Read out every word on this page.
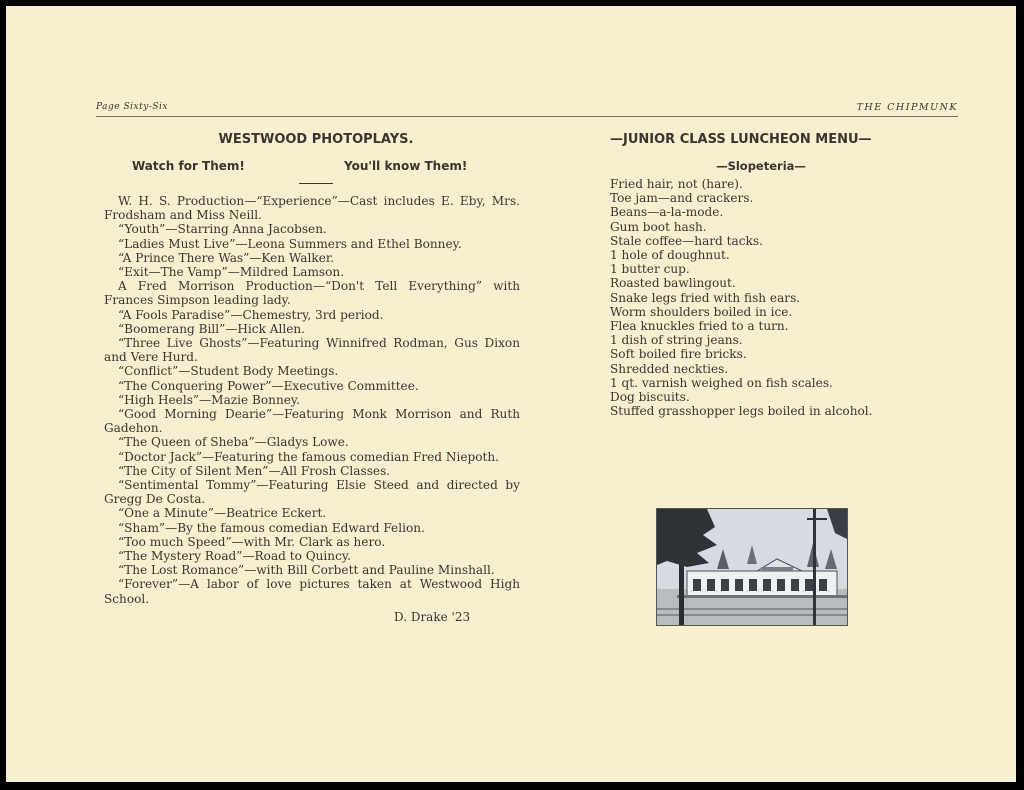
Page Sixty-Six	THE CHIPMUNK
WESTWOOD PHOTOPLAYS.
Watch for Them!	You'll know Them!

W. H. S. Production—“Experience”—Cast includes E. Eby, Mrs. Frodsham and Miss Neill.

“Youth”—Starring Anna Jacobsen.

“Ladies Must Live”—Leona Summers and Ethel Bonney.

“A Prince There Was”—Ken Walker.

“Exit—The Vamp”—Mildred Lamson.

A Fred Morrison Production—“Don't Tell Everything” with Frances Simpson leading lady.

“A Fools Paradise”—Chemestry, 3rd period.

“Boomerang Bill”—Hick Allen.

“Three Live Ghosts”—Featuring Winnifred Rodman, Gus Dixon and Vere Hurd.

“Conflict”—Student Body Meetings.

“The Conquering Power”—Executive Committee.

“High Heels”—Mazie Bonney.

“Good Morning Dearie”—Featuring Monk Morrison and Ruth Gadehon.

“The Queen of Sheba”—Gladys Lowe.

“Doctor Jack”—Featuring the famous comedian Fred Niepoth.

“The City of Silent Men”—All Frosh Classes.

“Sentimental Tommy”—Featuring Elsie Steed and directed by Gregg De Costa.

“One a Minute”—Beatrice Eckert.

“Sham”—By the famous comedian Edward Felion.

“Too much Speed”—with Mr. Clark as hero.

“The Mystery Road”—Road to Quincy.

“The Lost Romance”—with Bill Corbett and Pauline Minshall.

“Forever”—A labor of love pictures taken at Westwood High School.

D. Drake '23
—JUNIOR CLASS LUNCHEON MENU—
—Slopeteria—
Fried hair, not (hare).
Toe jam—and crackers.
Beans—a-la-mode.
Gum boot hash.
Stale coffee—hard tacks.
1 hole of doughnut.
1 butter cup.
Roasted bawlingout.
Snake legs fried with fish ears.
Worm shoulders boiled in ice.
Flea knuckles fried to a turn.
1 dish of string jeans.
Soft boiled fire bricks.
Shredded neckties.
1 qt. varnish weighed on fish scales.
Dog biscuits.
Stuffed grasshopper legs boiled in alcohol.
